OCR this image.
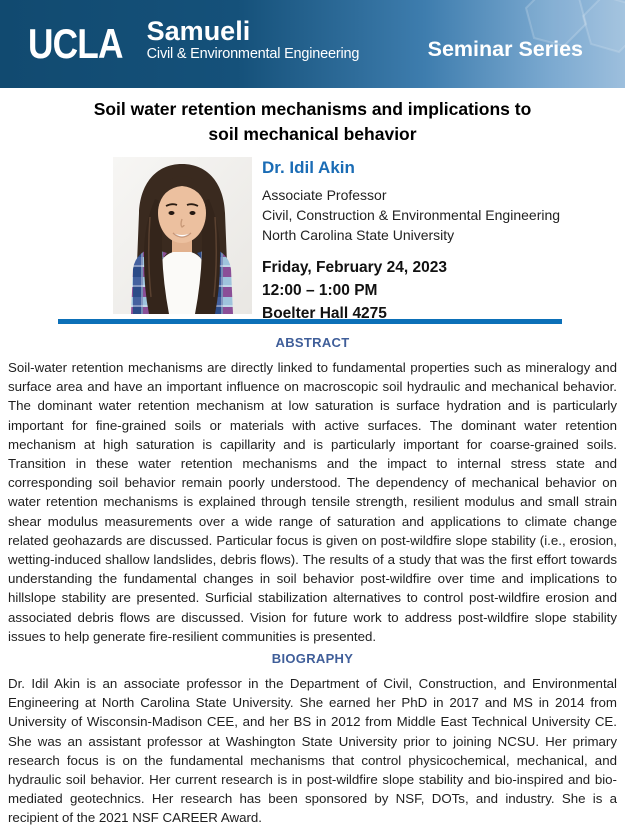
UCLA Samueli
Civil & Environmental Engineering	Seminar Series
Soil water retention mechanisms and implications to
soil mechanical behavior
Dr. Idil Akin
Associate Professor
Civil, Construction & Environmental Engineering
North Carolina State University
Friday, February 24, 2023
12:00 – 1:00 PM
Boelter Hall 4275
ABSTRACT
Soil-water retention mechanisms are directly linked to fundamental properties such as mineralogy and surface area and have an important influence on macroscopic soil hydraulic and mechanical behavior. The dominant water retention mechanism at low saturation is surface hydration and is particularly important for fine-grained soils or materials with active surfaces. The dominant water retention mechanism at high saturation is capillarity and is particularly important for coarse-grained soils. Transition in these water retention mechanisms and the impact to internal stress state and corresponding soil behavior remain poorly understood. The dependency of mechanical behavior on water retention mechanisms is explained through tensile strength, resilient modulus and small strain shear modulus measurements over a wide range of saturation and applications to climate change related geohazards are discussed. Particular focus is given on post-wildfire slope stability (i.e., erosion, wetting-induced shallow landslides, debris flows). The results of a study that was the first effort towards understanding the fundamental changes in soil behavior post-wildfire over time and implications to hillslope stability are presented. Surficial stabilization alternatives to control post-wildfire erosion and associated debris flows are discussed. Vision for future work to address post-wildfire slope stability issues to help generate fire-resilient communities is presented.
BIOGRAPHY
Dr. Idil Akin is an associate professor in the Department of Civil, Construction, and Environmental Engineering at North Carolina State University. She earned her PhD in 2017 and MS in 2014 from University of Wisconsin-Madison CEE, and her BS in 2012 from Middle East Technical University CE. She was an assistant professor at Washington State University prior to joining NCSU. Her primary research focus is on the fundamental mechanisms that control physicochemical, mechanical, and hydraulic soil behavior. Her current research is in post-wildfire slope stability and bio-inspired and bio-mediated geotechnics. Her research has been sponsored by NSF, DOTs, and industry. She is a recipient of the 2021 NSF CAREER Award.
